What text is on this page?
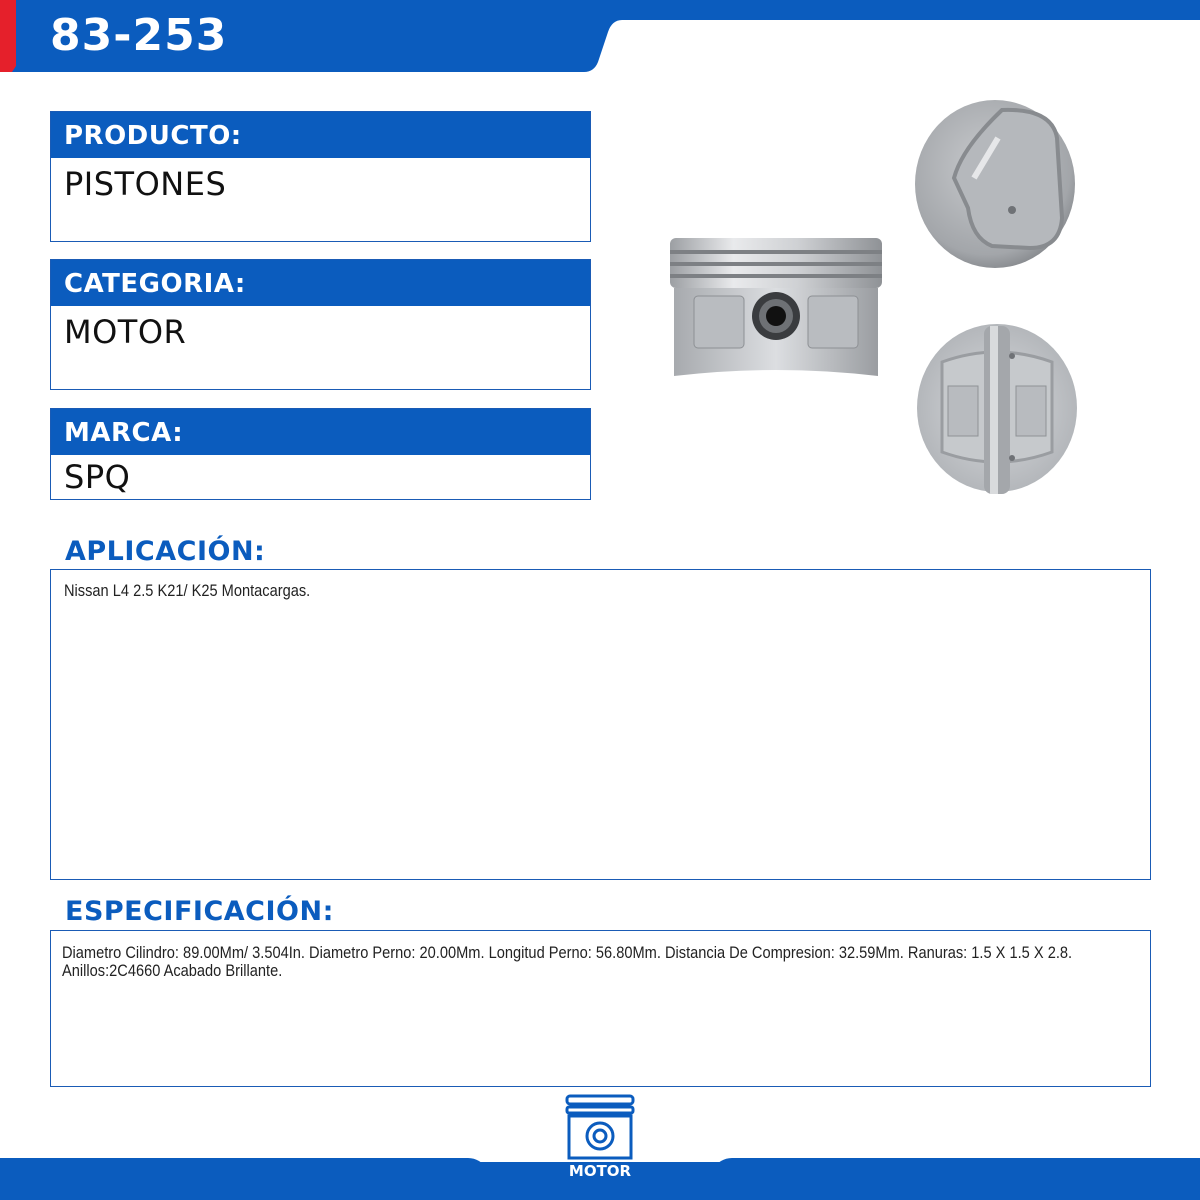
83-253
PRODUCTO:
PISTONES
CATEGORIA:
MOTOR
MARCA:
SPQ
APLICACIÓN:
Nissan L4 2.5 K21/ K25 Montacargas.
ESPECIFICACIÓN:
Diametro Cilindro: 89.00Mm/ 3.504In. Diametro Perno: 20.00Mm. Longitud Perno: 56.80Mm. Distancia De Compresion: 32.59Mm. Ranuras: 1.5 X 1.5 X 2.8. Anillos:2C4660 Acabado Brillante.
MOTOR
